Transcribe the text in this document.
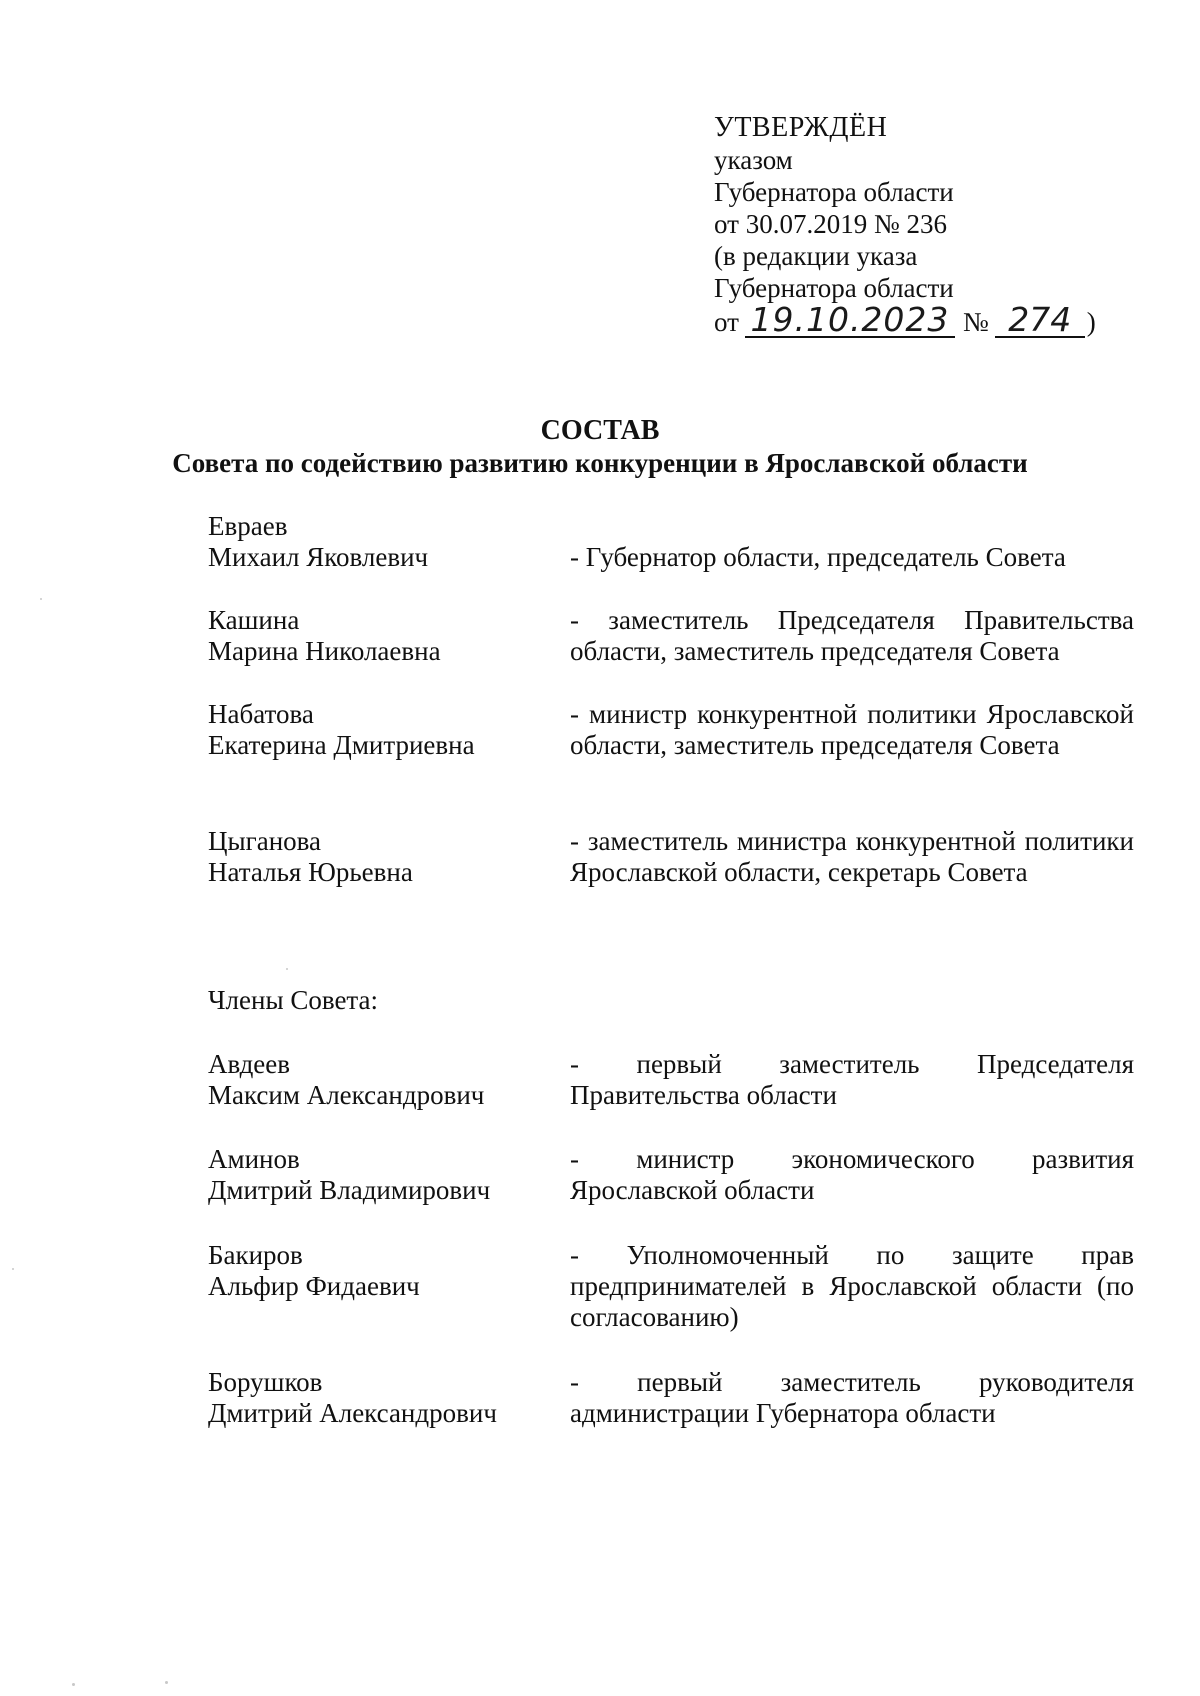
УТВЕРЖДЁН
указом
Губернатора области
от 30.07.2019 № 236
(в редакции указа
Губернатора области
от 19.10.2023 № 274 )
СОСТАВ
Совета по содействию развитию конкуренции в Ярославской области
Евраев
Михаил Яковлевич	- Губернатор области, председатель Совета
Кашина
Марина Николаевна
- заместитель Председателя Правительства области, заместитель председателя Совета
Набатова
Екатерина Дмитриевна
- министр конкурентной политики Ярославской области, заместитель председателя Совета
Цыганова
Наталья Юрьевна
- заместитель министра конкурентной политики Ярославской области, секретарь Совета
Члены Совета:
Авдеев
Максим Александрович
- первый заместитель Председателя Правительства области
Аминов
Дмитрий Владимирович
- министр экономического развития Ярославской области
Бакиров
Альфир Фидаевич
- Уполномоченный по защите прав предпринимателей в Ярославской области (по согласованию)
Борушков
Дмитрий Александрович
- первый заместитель руководителя администрации Губернатора области
